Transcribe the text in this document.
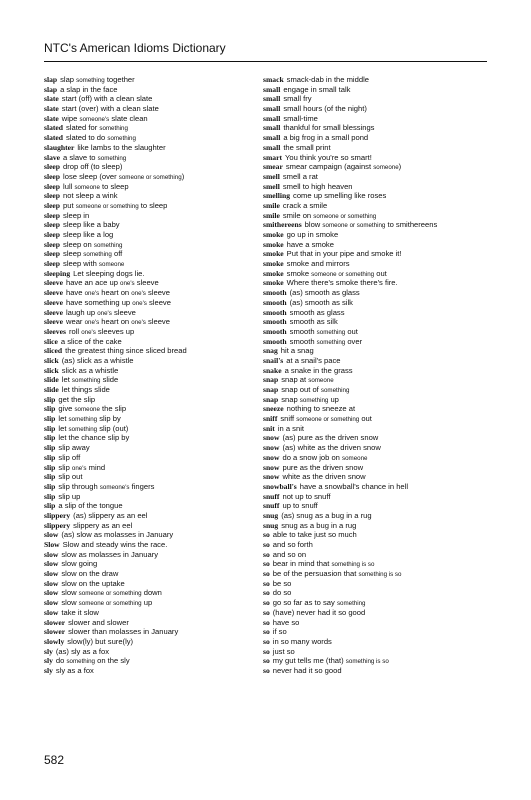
NTC's American Idioms Dictionary
slap slap something together
slap a slap in the face
slate start (off) with a clean slate
slate start (over) with a clean slate
slate wipe someone's slate clean
slated slated for something
slated slated to do something
slaughter like lambs to the slaughter
slave a slave to something
sleep drop off (to sleep)
sleep lose sleep (over someone or something)
sleep lull someone to sleep
sleep not sleep a wink
sleep put someone or something to sleep
sleep sleep in
sleep sleep like a baby
sleep sleep like a log
sleep sleep on something
sleep sleep something off
sleep sleep with someone
sleeping Let sleeping dogs lie.
sleeve have an ace up one's sleeve
sleeve have one's heart on one's sleeve
sleeve have something up one's sleeve
sleeve laugh up one's sleeve
sleeve wear one's heart on one's sleeve
sleeves roll one's sleeves up
slice a slice of the cake
sliced the greatest thing since sliced bread
slick (as) slick as a whistle
slick slick as a whistle
slide let something slide
slide let things slide
slip get the slip
slip give someone the slip
slip let something slip by
slip let something slip (out)
slip let the chance slip by
slip slip away
slip slip off
slip slip one's mind
slip slip out
slip slip through someone's fingers
slip slip up
slip a slip of the tongue
slippery (as) slippery as an eel
slippery slippery as an eel
slow (as) slow as molasses in January
Slow Slow and steady wins the race.
slow slow as molasses in January
slow slow going
slow slow on the draw
slow slow on the uptake
slow slow someone or something down
slow slow someone or something up
slow take it slow
slower slower and slower
slower slower than molasses in January
slowly slow(ly) but sure(ly)
sly (as) sly as a fox
sly do something on the sly
sly sly as a fox
smack smack-dab in the middle
small engage in small talk
small small fry
small small hours (of the night)
small small-time
small thankful for small blessings
small a big frog in a small pond
small the small print
smart You think you're so smart!
smear smear campaign (against someone)
smell smell a rat
smell smell to high heaven
smelling come up smelling like roses
smile crack a smile
smile smile on someone or something
smithereens blow someone or something to smithereens
smoke go up in smoke
smoke have a smoke
smoke Put that in your pipe and smoke it!
smoke smoke and mirrors
smoke smoke someone or something out
smoke Where there's smoke there's fire.
smooth (as) smooth as glass
smooth (as) smooth as silk
smooth smooth as glass
smooth smooth as silk
smooth smooth something out
smooth smooth something over
snag hit a snag
snail's at a snail's pace
snake a snake in the grass
snap snap at someone
snap snap out of something
snap snap something up
sneeze nothing to sneeze at
sniff sniff someone or something out
snit in a snit
snow (as) pure as the driven snow
snow (as) white as the driven snow
snow do a snow job on someone
snow pure as the driven snow
snow white as the driven snow
snowball's have a snowball's chance in hell
snuff not up to snuff
snuff up to snuff
snug (as) snug as a bug in a rug
snug snug as a bug in a rug
so able to take just so much
so and so forth
so and so on
so bear in mind that something is so
so be of the persuasion that something is so
so be so
so do so
so go so far as to say something
so (have) never had it so good
so have so
so if so
so in so many words
so just so
so my gut tells me (that) something is so
so never had it so good
582
